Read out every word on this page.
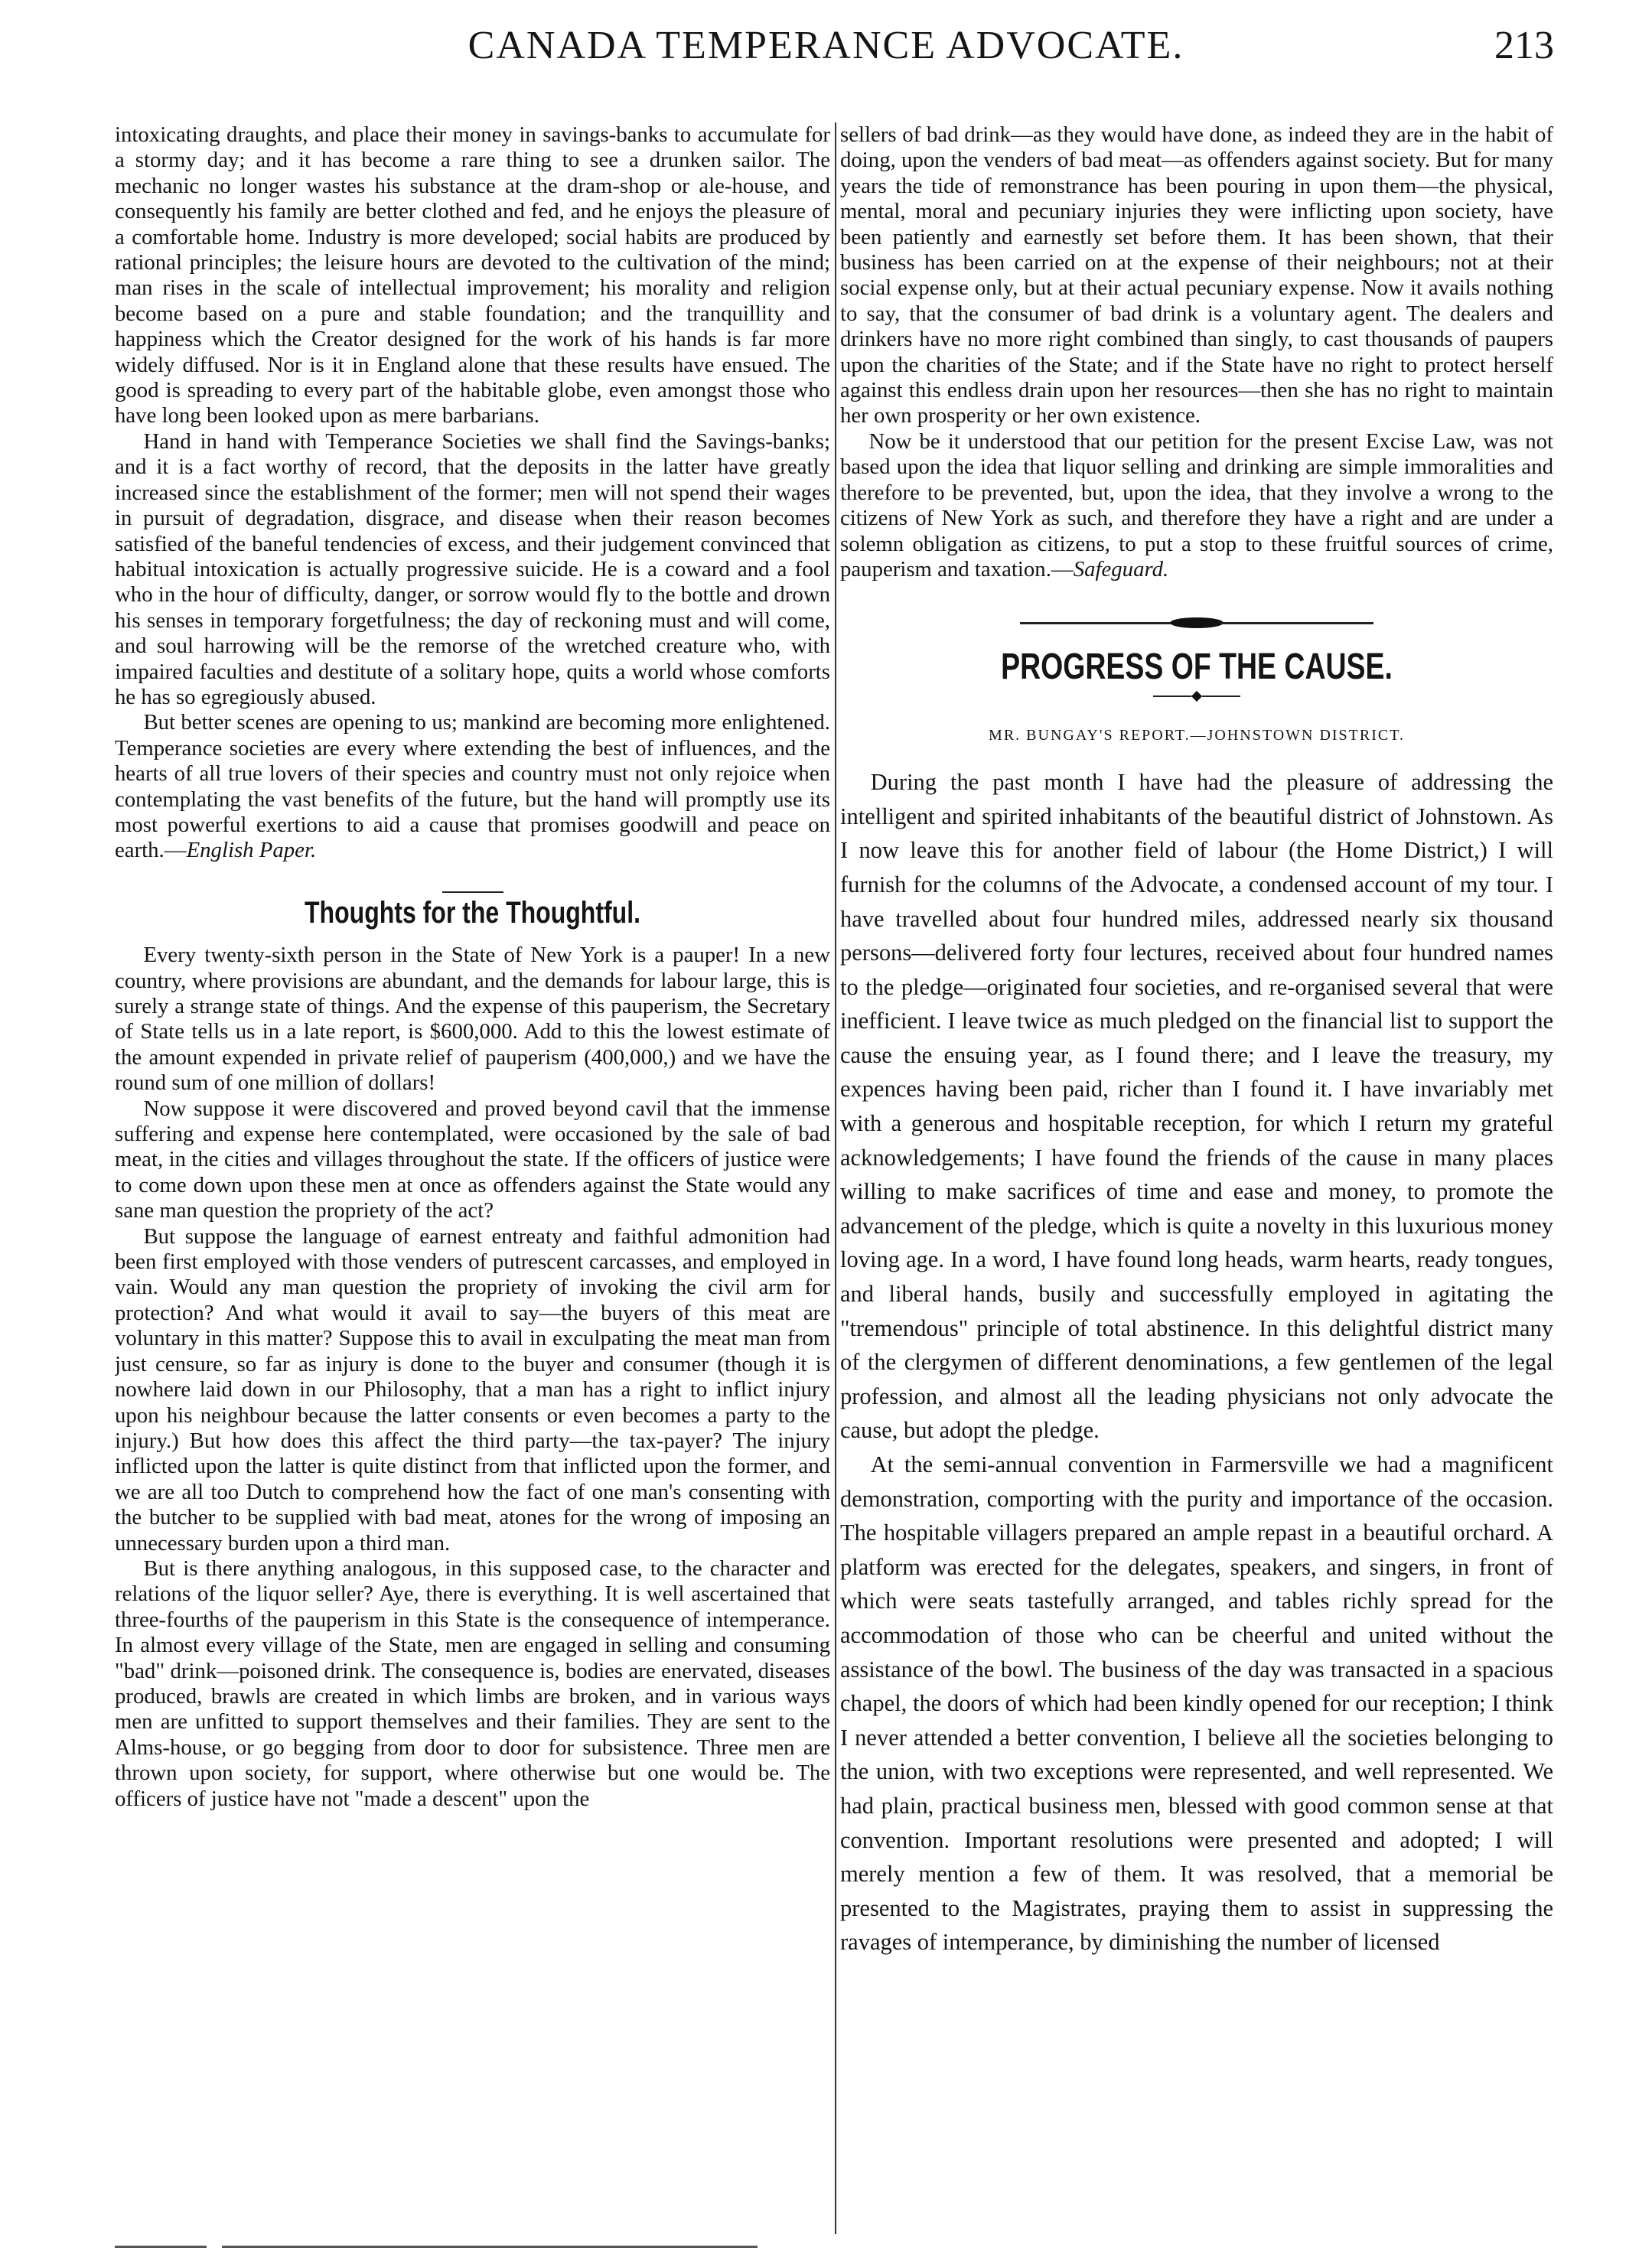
CANADA TEMPERANCE ADVOCATE.	213

intoxicating draughts, and place their money in savings-banks to accumulate for a stormy day; and it has become a rare thing to see a drunken sailor. The mechanic no longer wastes his substance at the dram-shop or ale-house, and consequently his family are better clothed and fed, and he enjoys the pleasure of a comfortable home. Industry is more developed; social habits are produced by rational principles; the leisure hours are devoted to the cultivation of the mind; man rises in the scale of intellectual improvement; his morality and religion become based on a pure and stable foundation; and the tranquillity and happiness which the Creator designed for the work of his hands is far more widely diffused. Nor is it in England alone that these results have ensued. The good is spreading to every part of the habitable globe, even amongst those who have long been looked upon as mere barbarians.

Hand in hand with Temperance Societies we shall find the Savings-banks; and it is a fact worthy of record, that the deposits in the latter have greatly increased since the establishment of the former; men will not spend their wages in pursuit of degradation, disgrace, and disease when their reason becomes satisfied of the baneful tendencies of excess, and their judgement convinced that habitual intoxication is actually progressive suicide. He is a coward and a fool who in the hour of difficulty, danger, or sorrow would fly to the bottle and drown his senses in temporary forgetfulness; the day of reckoning must and will come, and soul harrowing will be the remorse of the wretched creature who, with impaired faculties and destitute of a solitary hope, quits a world whose comforts he has so egregiously abused.

But better scenes are opening to us; mankind are becoming more enlightened. Temperance societies are every where extending the best of influences, and the hearts of all true lovers of their species and country must not only rejoice when contemplating the vast benefits of the future, but the hand will promptly use its most powerful exertions to aid a cause that promises goodwill and peace on earth.—English Paper.

Thoughts for the Thoughtful.

Every twenty-sixth person in the State of New York is a pauper! In a new country, where provisions are abundant, and the demands for labour large, this is surely a strange state of things. And the expense of this pauperism, the Secretary of State tells us in a late report, is $600,000. Add to this the lowest estimate of the amount expended in private relief of pauperism (400,000,) and we have the round sum of one million of dollars!

Now suppose it were discovered and proved beyond cavil that the immense suffering and expense here contemplated, were occasioned by the sale of bad meat, in the cities and villages throughout the state. If the officers of justice were to come down upon these men at once as offenders against the State would any sane man question the propriety of the act?

But suppose the language of earnest entreaty and faithful admonition had been first employed with those venders of putrescent carcasses, and employed in vain. Would any man question the propriety of invoking the civil arm for protection? And what would it avail to say—the buyers of this meat are voluntary in this matter? Suppose this to avail in exculpating the meat man from just censure, so far as injury is done to the buyer and consumer (though it is nowhere laid down in our Philosophy, that a man has a right to inflict injury upon his neighbour because the latter consents or even becomes a party to the injury.) But how does this affect the third party—the tax-payer? The injury inflicted upon the latter is quite distinct from that inflicted upon the former, and we are all too Dutch to comprehend how the fact of one man's consenting with the butcher to be supplied with bad meat, atones for the wrong of imposing an unnecessary burden upon a third man.

But is there anything analogous, in this supposed case, to the character and relations of the liquor seller? Aye, there is everything. It is well ascertained that three-fourths of the pauperism in this State is the consequence of intemperance. In almost every village of the State, men are engaged in selling and consuming "bad" drink—poisoned drink. The consequence is, bodies are enervated, diseases produced, brawls are created in which limbs are broken, and in various ways men are unfitted to support themselves and their families. They are sent to the Alms-house, or go begging from door to door for subsistence. Three men are thrown upon society, for support, where otherwise but one would be. The officers of justice have not "made a descent" upon the

sellers of bad drink—as they would have done, as indeed they are in the habit of doing, upon the venders of bad meat—as offenders against society. But for many years the tide of remonstrance has been pouring in upon them—the physical, mental, moral and pecuniary injuries they were inflicting upon society, have been patiently and earnestly set before them. It has been shown, that their business has been carried on at the expense of their neighbours; not at their social expense only, but at their actual pecuniary expense. Now it avails nothing to say, that the consumer of bad drink is a voluntary agent. The dealers and drinkers have no more right combined than singly, to cast thousands of paupers upon the charities of the State; and if the State have no right to protect herself against this endless drain upon her resources—then she has no right to maintain her own prosperity or her own existence.

Now be it understood that our petition for the present Excise Law, was not based upon the idea that liquor selling and drinking are simple immoralities and therefore to be prevented, but, upon the idea, that they involve a wrong to the citizens of New York as such, and therefore they have a right and are under a solemn obligation as citizens, to put a stop to these fruitful sources of crime, pauperism and taxation.—Safeguard.

PROGRESS OF THE CAUSE.
MR. BUNGAY'S REPORT.—JOHNSTOWN DISTRICT.

During the past month I have had the pleasure of addressing the intelligent and spirited inhabitants of the beautiful district of Johnstown. As I now leave this for another field of labour (the Home District,) I will furnish for the columns of the Advocate, a condensed account of my tour. I have travelled about four hundred miles, addressed nearly six thousand persons—delivered forty four lectures, received about four hundred names to the pledge—originated four societies, and re-organised several that were inefficient. I leave twice as much pledged on the financial list to support the cause the ensuing year, as I found there; and I leave the treasury, my expences having been paid, richer than I found it. I have invariably met with a generous and hospitable reception, for which I return my grateful acknowledgements; I have found the friends of the cause in many places willing to make sacrifices of time and ease and money, to promote the advancement of the pledge, which is quite a novelty in this luxurious money loving age. In a word, I have found long heads, warm hearts, ready tongues, and liberal hands, busily and successfully employed in agitating the "tremendous" principle of total abstinence. In this delightful district many of the clergymen of different denominations, a few gentlemen of the legal profession, and almost all the leading physicians not only advocate the cause, but adopt the pledge.

At the semi-annual convention in Farmersville we had a magnificent demonstration, comporting with the purity and importance of the occasion. The hospitable villagers prepared an ample repast in a beautiful orchard. A platform was erected for the delegates, speakers, and singers, in front of which were seats tastefully arranged, and tables richly spread for the accommodation of those who can be cheerful and united without the assistance of the bowl. The business of the day was transacted in a spacious chapel, the doors of which had been kindly opened for our reception; I think I never attended a better convention, I believe all the societies belonging to the union, with two exceptions were represented, and well represented. We had plain, practical business men, blessed with good common sense at that convention. Important resolutions were presented and adopted; I will merely mention a few of them. It was resolved, that a memorial be presented to the Magistrates, praying them to assist in suppressing the ravages of intemperance, by diminishing the number of licensed
